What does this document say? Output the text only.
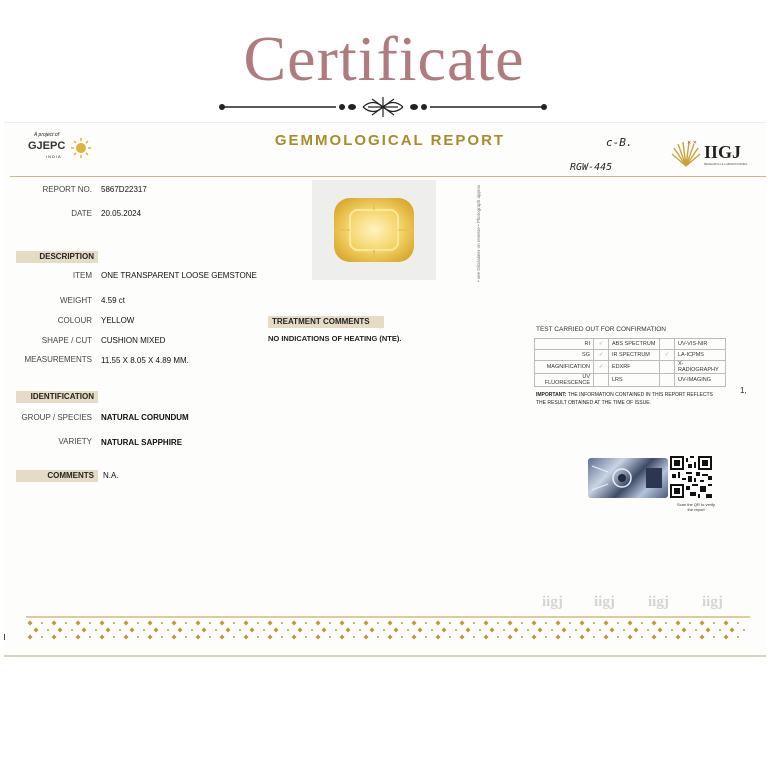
Certificate
A project of
GJEPC
INDIA
GEMMOLOGICAL REPORT	c-B.
RGW-445
✕ ✕ IIGJ
RESEARCH & LABORATORIES
REPORT NO. 5867D22317
DATE 20.05.2024	• see Disclaimer on reverse • Photograph approx
DESCRIPTION
ITEM ONE TRANSPARENT LOOSE GEMSTONE
WEIGHT 4.59 ct
COLOUR YELLOW
SHAPE / CUT CUSHION MIXED
MEASUREMENTS 11.55 X 8.05 X 4.89 MM.
IDENTIFICATION
GROUP / SPECIES NATURAL CORUNDUM
VARIETY NATURAL SAPPHIRE
COMMENTS	N.A.
TREATMENT COMMENTS
NO INDICATIONS OF HEATING (NTE).
TEST CARRIED OUT FOR CONFIRMATION
RI	✓	ABS SPECTRUM		UV-VIS-NIR
SG	✓	IR SPECTRUM	✓	LA-ICPMS
MAGNIFICATION	✓	EDXRF		X-RADIOGRAPHY
UV FLUORESCENCE		LRS		UV-IMAGING
IMPORTANT: THE INFORMATION CONTAINED IN THIS REPORT REFLECTS THE RESULT OBTAINED AT THE TIME OF ISSUE.
1,
Scan the QR to verify the report
iigj iigj iigj iigj
